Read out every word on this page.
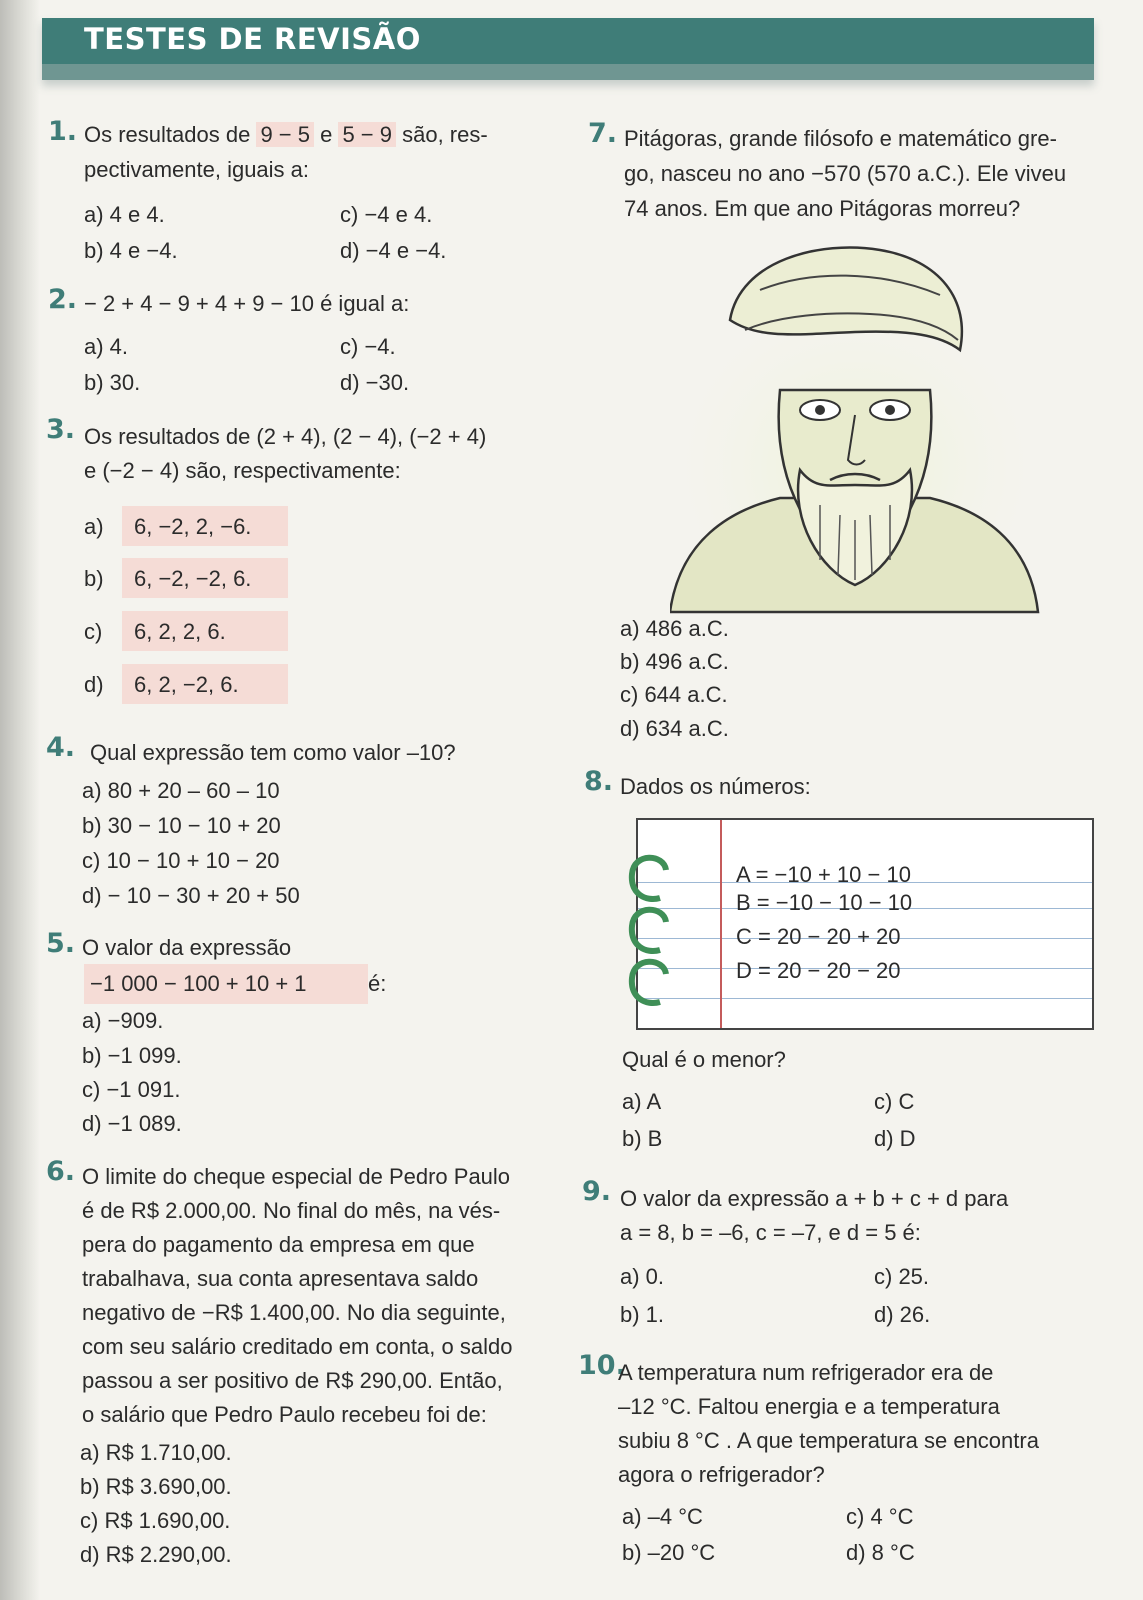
TESTES DE REVISÃO
1. Os resultados de 9 − 5 e 5 − 9 são, res-
pectivamente, iguais a:
a) 4 e 4.
b) 4 e −4.
c) −4 e 4.
d) −4 e −4.
2. − 2 + 4 − 9 + 4 + 9 − 10 é igual a:
a) 4.
b) 30.
c) −4.
d) −30.
3. Os resultados de (2 + 4), (2 − 4), (−2 + 4)
e (−2 − 4) são, respectivamente:
a) 6, −2, 2, −6.
b) 6, −2, −2, 6.
c) 6, 2, 2, 6.
d) 6, 2, −2, 6.
4. Qual expressão tem como valor –10?
a) 80 + 20 – 60 – 10
b) 30 − 10 − 10 + 20
c) 10 − 10 + 10 − 20
d) − 10 − 30 + 20 + 50
5. O valor da expressão
−1 000 − 100 + 10 + 1	é:
a) −909.
b) −1 099.
c) −1 091.
d) −1 089.
6. O limite do cheque especial de Pedro Paulo
é de R$ 2.000,00. No final do mês, na vés-
pera do pagamento da empresa em que
trabalhava, sua conta apresentava saldo
negativo de −R$ 1.400,00. No dia seguinte,
com seu salário creditado em conta, o saldo
passou a ser positivo de R$ 290,00. Então,
o salário que Pedro Paulo recebeu foi de:
a) R$ 1.710,00.
b) R$ 3.690,00.
c) R$ 1.690,00.
d) R$ 2.290,00.
7. Pitágoras, grande filósofo e matemático gre-
go, nasceu no ano −570 (570 a.C.). Ele viveu
74 anos. Em que ano Pitágoras morreu?
a) 486 a.C.
b) 496 a.C.
c) 644 a.C.
d) 634 a.C.
8. Dados os números:
A = −10 + 10 − 10
B = −10 − 10 − 10
C = 20 − 20 + 20
D = 20 − 20 − 20
Qual é o menor?
a) A
b) B
c) C
d) D
9. O valor da expressão a + b + c + d para
a = 8, b = –6, c = –7, e d = 5 é:
a) 0.
b) 1.
c) 25.
d) 26.
10.
A temperatura num refrigerador era de
–12 °C. Faltou energia e a temperatura
subiu 8 °C . A que temperatura se encontra
agora o refrigerador?
a) –4 °C
b) –20 °C
c) 4 °C
d) 8 °C
